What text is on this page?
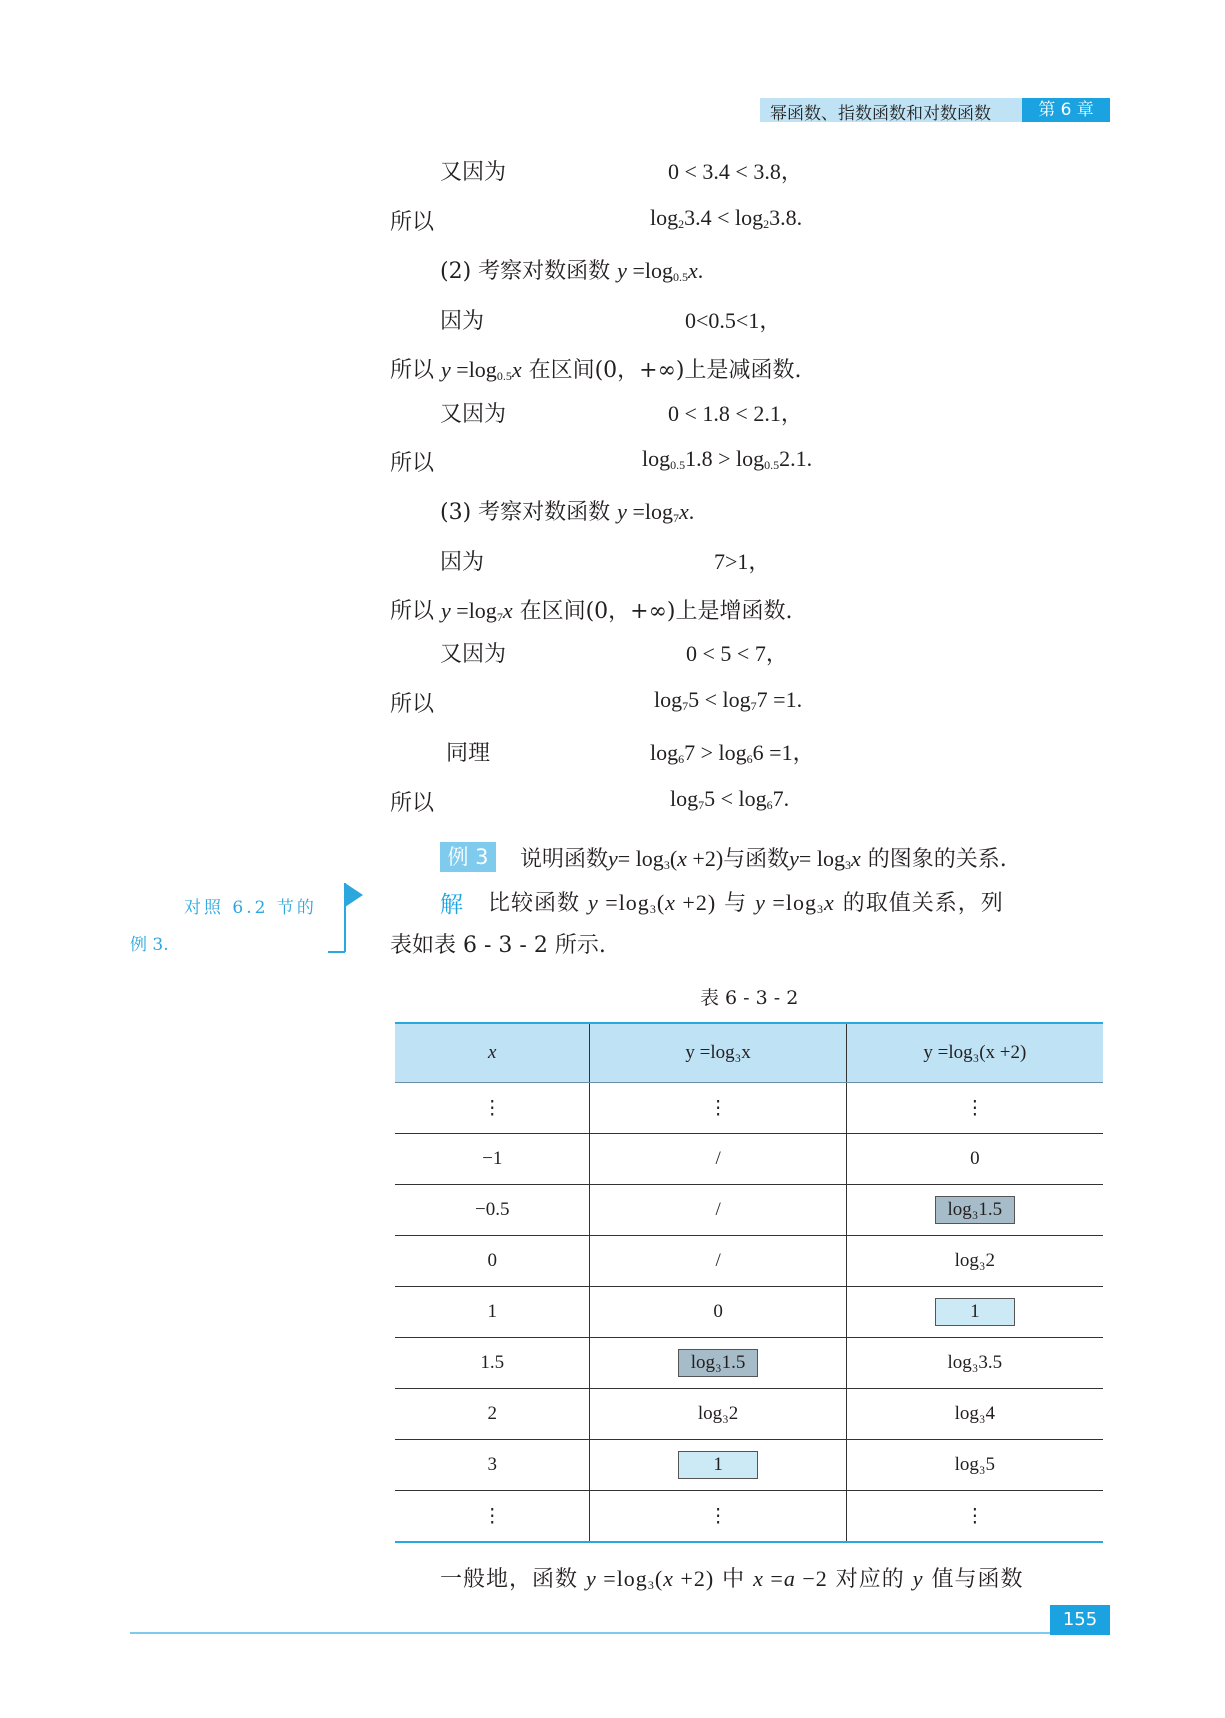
幂函数、指数函数和对数函数	第 6 章
又因为	0 < 3.4 < 3.8，
所以	$\log_23.4 < \log_23.8$.
(2) 考察对数函数 $y =\log_{0.5}x$.
因为	0<0.5<1，
所以 $y =\log_{0.5}x$ 在区间(0，+∞)上是减函数.
又因为	0 < 1.8 < 2.1，
所以	$\log_{0.5}1.8 > \log_{0.5}2.1$.
(3) 考察对数函数 $y =\log_7x$.
因为	7>1，
所以 $y =\log_7x$ 在区间(0，+∞)上是增函数.
又因为	0 < 5 < 7，
所以	$\log_75 < \log_77 =1$.
同理	$\log_67 > \log_66 =1$，
所以	$\log_75 < \log_67$.
例 3	说明函数$y= \log_3(x +2)$与函数$y= \log_3x$ 的图象的关系.
解 比较函数 $y =\log_3(x +2)$ 与 $y =\log_3x$ 的取值关系，列
表如表 6 - 3 - 2 所示.
对照 6.2 节的
例 3.
表 6 - 3 - 2
x	y =log₃x	y =log₃(x +2)
⋮	⋮	⋮
−1	/	0
−0.5	/	log₃1.5
0	/	log₃2
1	0	1
1.5	log₃1.5	log₃3.5
2	log₃2	log₃4
3	1	log₃5
⋮	⋮	⋮
一般地，函数 $y =\log_3(x +2)$ 中 x =a −2 对应的 y 值与函数
155
